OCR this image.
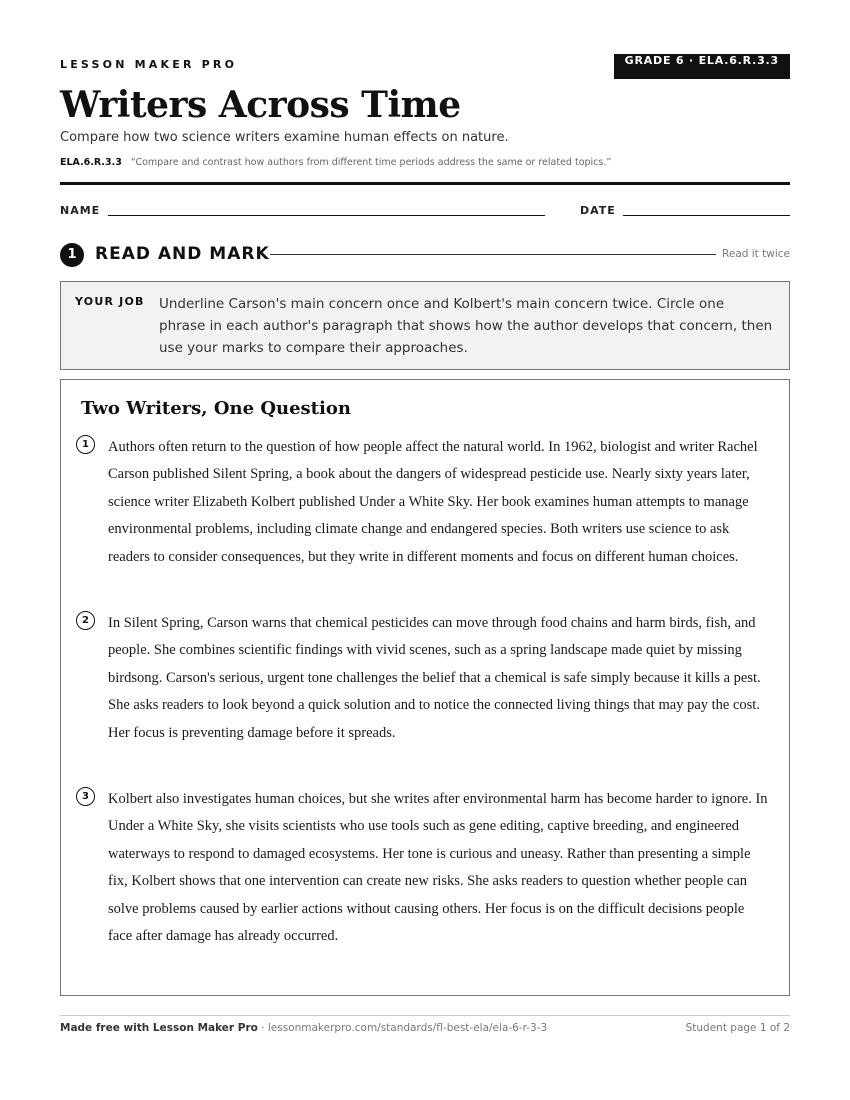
LESSON MAKER PRO	GRADE 6 · ELA.6.R.3.3
Writers Across Time
Compare how two science writers examine human effects on nature.
ELA.6.R.3.3 “Compare and contrast how authors from different time periods address the same or related topics.”
NAME	DATE
1	READ AND MARK	Read it twice
YOUR JOB Underline Carson's main concern once and Kolbert's main concern twice. Circle one phrase in each author's paragraph that shows how the author develops that concern, then use your marks to compare their approaches.
Two Writers, One Question
1	Authors often return to the question of how people affect the natural world. In 1962, biologist and writer Rachel Carson published Silent Spring, a book about the dangers of widespread pesticide use. Nearly sixty years later, science writer Elizabeth Kolbert published Under a White Sky. Her book examines human attempts to manage environmental problems, including climate change and endangered species. Both writers use science to ask readers to consider consequences, but they write in different moments and focus on different human choices.
2	In Silent Spring, Carson warns that chemical pesticides can move through food chains and harm birds, fish, and people. She combines scientific findings with vivid scenes, such as a spring landscape made quiet by missing birdsong. Carson's serious, urgent tone challenges the belief that a chemical is safe simply because it kills a pest. She asks readers to look beyond a quick solution and to notice the connected living things that may pay the cost. Her focus is preventing damage before it spreads.
3	Kolbert also investigates human choices, but she writes after environmental harm has become harder to ignore. In Under a White Sky, she visits scientists who use tools such as gene editing, captive breeding, and engineered waterways to respond to damaged ecosystems. Her tone is curious and uneasy. Rather than presenting a simple fix, Kolbert shows that one intervention can create new risks. She asks readers to question whether people can solve problems caused by earlier actions without causing others. Her focus is on the difficult decisions people face after damage has already occurred.
Made free with Lesson Maker Pro · lessonmakerpro.com/standards/fl-best-ela/ela-6-r-3-3	Student page 1 of 2
